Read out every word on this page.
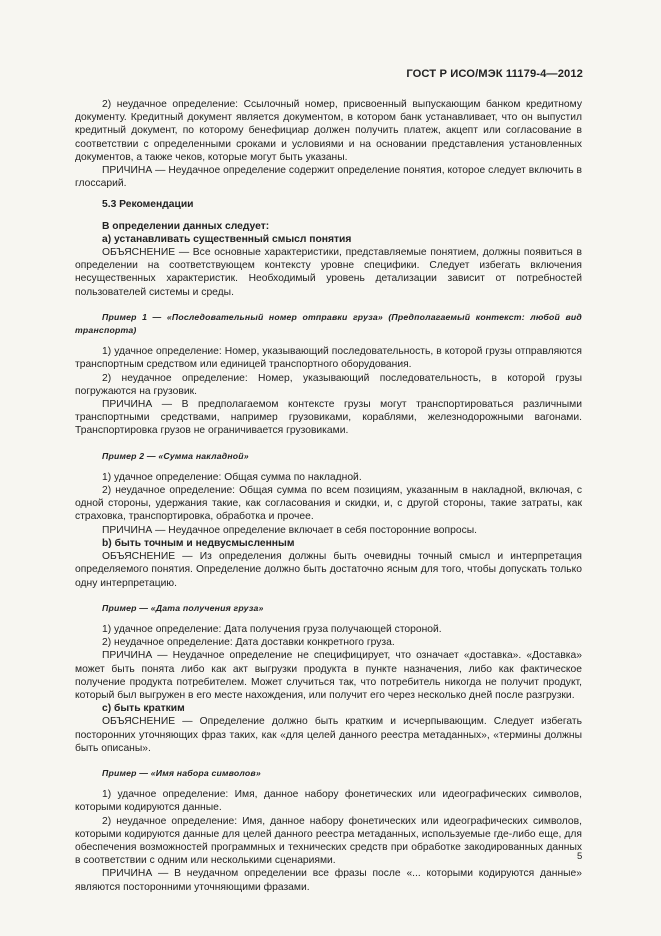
ГОСТ Р ИСО/МЭК 11179-4—2012

2) неудачное определение: Ссылочный номер, присвоенный выпускающим банком кредитному документу. Кредитный документ является документом, в котором банк устанавливает, что он выпустил кредитный документ, по которому бенефициар должен получить платеж, акцепт или согласование в соответствии с определенными сроками и условиями и на основании представления установленных документов, а также чеков, которые могут быть указаны.

ПРИЧИНА — Неудачное определение содержит определение понятия, которое следует включить в глоссарий.

5.3 Рекомендации

В определении данных следует:

а) устанавливать существенный смысл понятия

ОБЪЯСНЕНИЕ — Все основные характеристики, представляемые понятием, должны появиться в определении на соответствующем контексту уровне специфики. Следует избегать включения несущественных характеристик. Необходимый уровень детализации зависит от потребностей пользователей системы и среды.

Пример 1 — «Последовательный номер отправки груза» (Предполагаемый контекст: любой вид транспорта)

1) удачное определение: Номер, указывающий последовательность, в которой грузы отправляются транспортным средством или единицей транспортного оборудования.

2) неудачное определение: Номер, указывающий последовательность, в которой грузы погружаются на грузовик.

ПРИЧИНА — В предполагаемом контексте грузы могут транспортироваться различными транспортными средствами, например грузовиками, кораблями, железнодорожными вагонами. Транспортировка грузов не ограничивается грузовиками.

Пример 2 — «Сумма накладной»

1) удачное определение: Общая сумма по накладной.

2) неудачное определение: Общая сумма по всем позициям, указанным в накладной, включая, с одной стороны, удержания такие, как согласования и скидки, и, с другой стороны, такие затраты, как страховка, транспортировка, обработка и прочее.

ПРИЧИНА — Неудачное определение включает в себя посторонние вопросы.

b) быть точным и недвусмысленным

ОБЪЯСНЕНИЕ — Из определения должны быть очевидны точный смысл и интерпретация определяемого понятия. Определение должно быть достаточно ясным для того, чтобы допускать только одну интерпретацию.

Пример — «Дата получения груза»

1) удачное определение: Дата получения груза получающей стороной.

2) неудачное определение: Дата доставки конкретного груза.

ПРИЧИНА — Неудачное определение не специфицирует, что означает «доставка». «Доставка» может быть понята либо как акт выгрузки продукта в пункте назначения, либо как фактическое получение продукта потребителем. Может случиться так, что потребитель никогда не получит продукт, который был выгружен в его месте нахождения, или получит его через несколько дней после разгрузки.

с) быть кратким

ОБЪЯСНЕНИЕ — Определение должно быть кратким и исчерпывающим. Следует избегать посторонних уточняющих фраз таких, как «для целей данного реестра метаданных», «термины должны быть описаны».

Пример — «Имя набора символов»

1) удачное определение: Имя, данное набору фонетических или идеографических символов, которыми кодируются данные.

2) неудачное определение: Имя, данное набору фонетических или идеографических символов, которыми кодируются данные для целей данного реестра метаданных, используемые где-либо еще, для обеспечения возможностей программных и технических средств при обработке закодированных данных в соответствии с одним или несколькими сценариями.

ПРИЧИНА — В неудачном определении все фразы после «... которыми кодируются данные» являются посторонними уточняющими фразами.

5
